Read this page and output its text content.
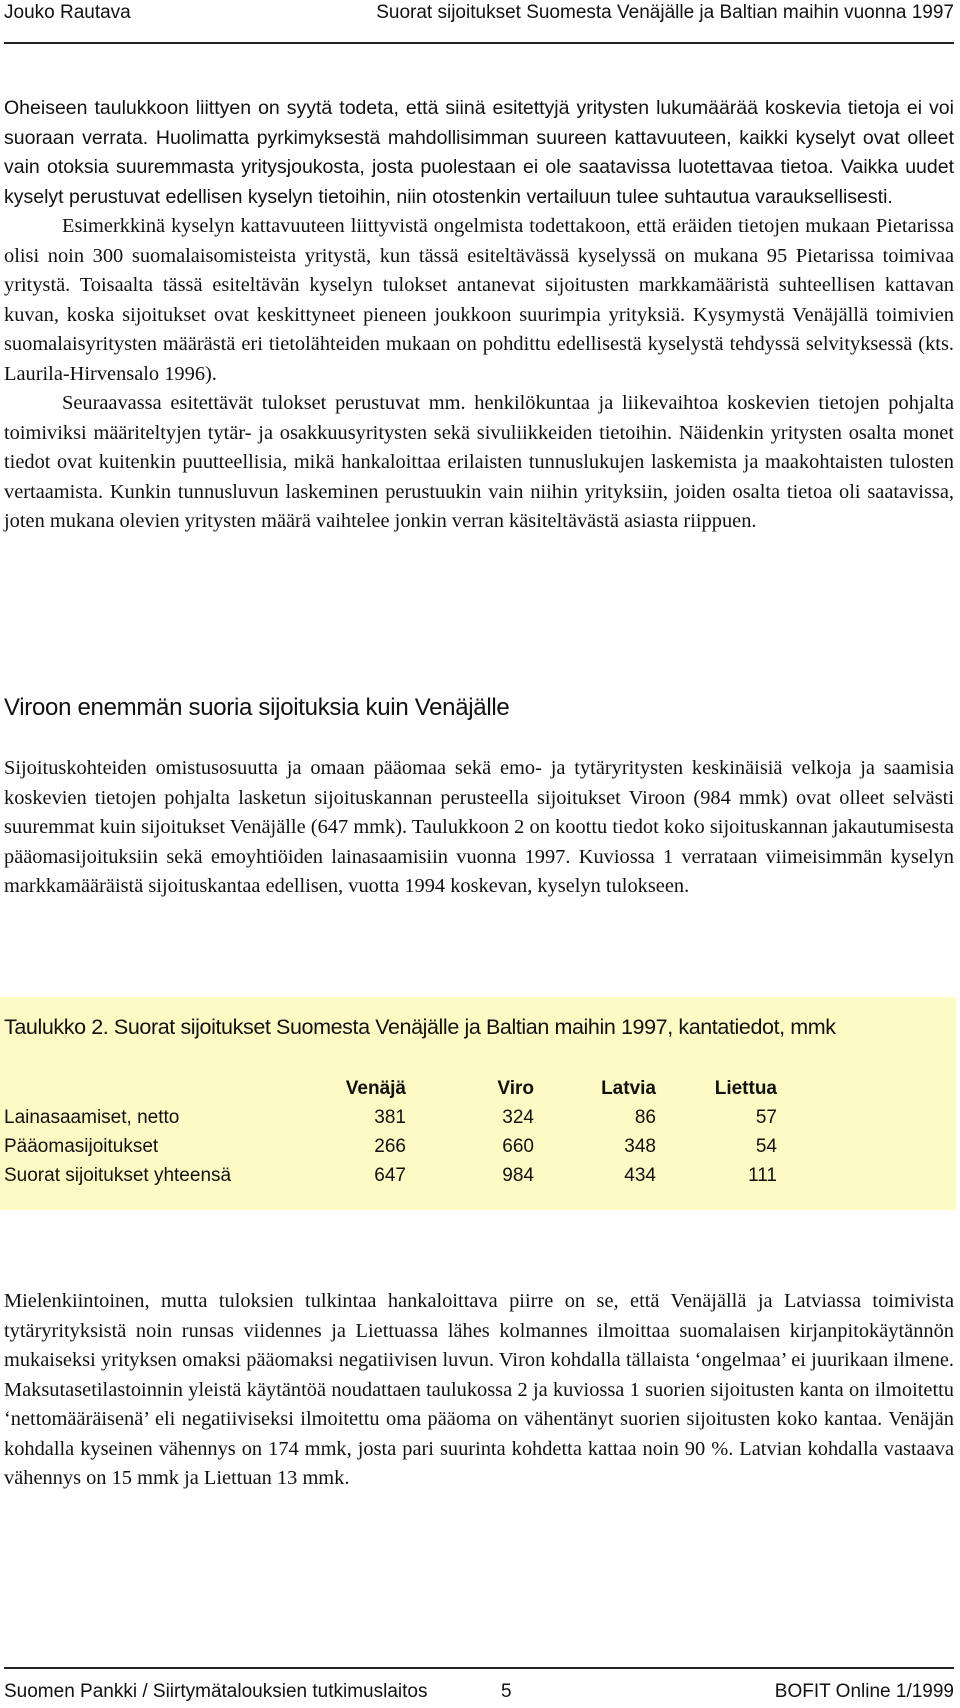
Jouko Rautava	Suorat sijoitukset Suomesta Venäjälle ja Baltian maihin vuonna 1997

Oheiseen taulukkoon liittyen on syytä todeta, että siinä esitettyjä yritysten lukumäärää koskevia tietoja ei voi suoraan verrata. Huolimatta pyrkimyksestä mahdollisimman suureen kattavuuteen, kaikki kyselyt ovat olleet vain otoksia suuremmasta yritysjoukosta, josta puolestaan ei ole saatavissa luotettavaa tietoa. Vaikka uudet kyselyt perustuvat edellisen kyselyn tietoihin, niin otostenkin vertailuun tulee suhtautua varauksellisesti.

Esimerkkinä kyselyn kattavuuteen liittyvistä ongelmista todettakoon, että eräiden tietojen mukaan Pietarissa olisi noin 300 suomalaisomisteista yritystä, kun tässä esiteltävässä kyselyssä on mukana 95 Pietarissa toimivaa yritystä. Toisaalta tässä esiteltävän kyselyn tulokset antanevat sijoitusten markkamääristä suhteellisen kattavan kuvan, koska sijoitukset ovat keskittyneet pieneen joukkoon suurimpia yrityksiä. Kysymystä Venäjällä toimivien suomalaisyritysten määrästä eri tietolähteiden mukaan on pohdittu edellisestä kyselystä tehdyssä selvityksessä (kts. Laurila-Hirvensalo 1996).

Seuraavassa esitettävät tulokset perustuvat mm. henkilökuntaa ja liikevaihtoa koskevien tietojen pohjalta toimiviksi määriteltyjen tytär- ja osakkuusyritysten sekä sivuliikkeiden tietoihin. Näidenkin yritysten osalta monet tiedot ovat kuitenkin puutteellisia, mikä hankaloittaa erilaisten tunnuslukujen laskemista ja maakohtaisten tulosten vertaamista. Kunkin tunnusluvun laskeminen perustuukin vain niihin yrityksiin, joiden osalta tietoa oli saatavissa, joten mukana olevien yritysten määrä vaihtelee jonkin verran käsiteltävästä asiasta riippuen.

Viroon enemmän suoria sijoituksia kuin Venäjälle

Sijoituskohteiden omistusosuutta ja omaan pääomaa sekä emo- ja tytäryritysten keskinäisiä velkoja ja saamisia koskevien tietojen pohjalta lasketun sijoituskannan perusteella sijoitukset Viroon (984 mmk) ovat olleet selvästi suuremmat kuin sijoitukset Venäjälle (647 mmk). Taulukkoon 2 on koottu tiedot koko sijoituskannan jakautumisesta pääomasijoituksiin sekä emoyhtiöiden lainasaamisiin vuonna 1997. Kuviossa 1 verrataan viimeisimmän kyselyn markkamääräistä sijoituskantaa edellisen, vuotta 1994 koskevan, kyselyn tulokseen.

Taulukko 2. Suorat sijoitukset Suomesta Venäjälle ja Baltian maihin 1997, kantatiedot, mmk
	Venäjä	Viro	Latvia	Liettua
Lainasaamiset, netto	381	324	86	57
Pääomasijoitukset	266	660	348	54
Suorat sijoitukset yhteensä	647	984	434	111

Mielenkiintoinen, mutta tuloksien tulkintaa hankaloittava piirre on se, että Venäjällä ja Latviassa toimivista tytäryrityksistä noin runsas viidennes ja Liettuassa lähes kolmannes ilmoittaa suomalaisen kirjanpitokäytännön mukaiseksi yrityksen omaksi pääomaksi negatiivisen luvun. Viron kohdalla tällaista ‘ongelmaa’ ei juurikaan ilmene. Maksutasetilastoinnin yleistä käytäntöä noudattaen taulukossa 2 ja kuviossa 1 suorien sijoitusten kanta on ilmoitettu ‘nettomääräisenä’ eli negatiiviseksi ilmoitettu oma pääoma on vähentänyt suorien sijoitusten koko kantaa. Venäjän kohdalla kyseinen vähennys on 174 mmk, josta pari suurinta kohdetta kattaa noin 90 %. Latvian kohdalla vastaava vähennys on 15 mmk ja Liettuan 13 mmk.

Suomen Pankki / Siirtymätalouksien tutkimuslaitos	5	BOFIT Online 1/1999
